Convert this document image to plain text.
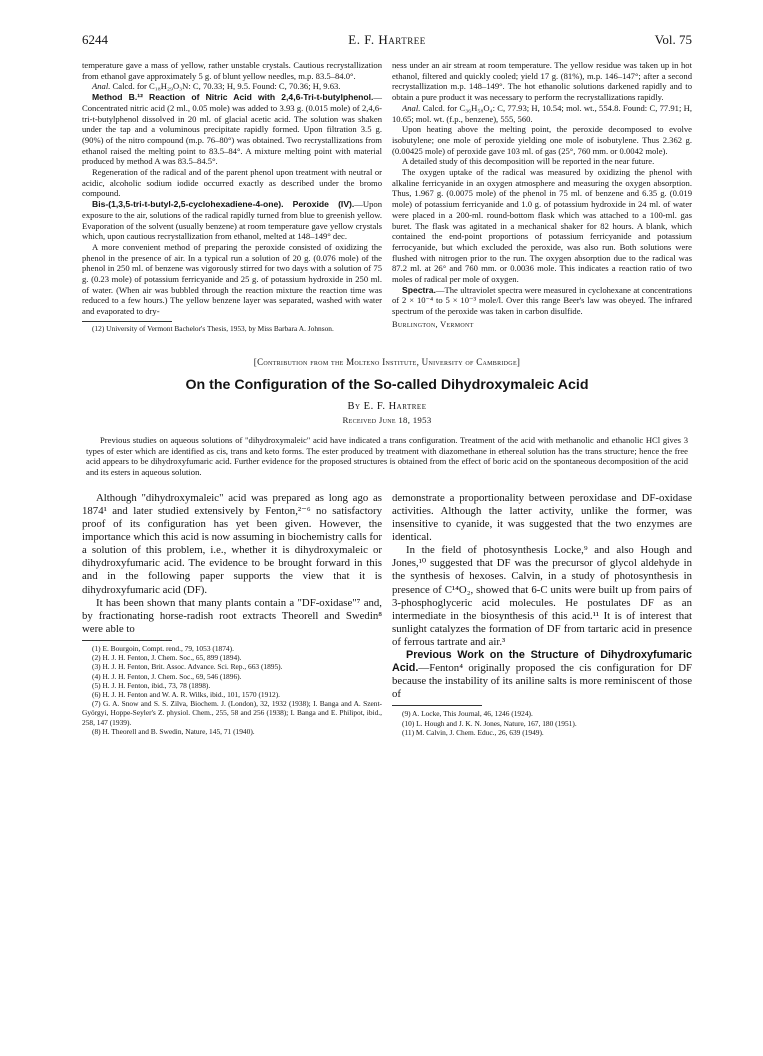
6244	E. F. Hartree	Vol. 75

temperature gave a mass of yellow, rather unstable crystals. Cautious recrystallization from ethanol gave approximately 5 g. of blunt yellow needles, m.p. 83.5–84.0°.

Anal. Calcd. for C₁₈H₂₉O₃N: C, 70.33; H, 9.5. Found: C, 70.36; H, 9.63.

Method B.¹² Reaction of Nitric Acid with 2,4,6-Tri-t-butylphenol.—Concentrated nitric acid (2 ml., 0.05 mole) was added to 3.93 g. (0.015 mole) of 2,4,6-tri-t-butylphenol dissolved in 20 ml. of glacial acetic acid. The solution was shaken under the tap and a voluminous precipitate rapidly formed. Upon filtration 3.5 g. (90%) of the nitro compound (m.p. 76–80°) was obtained. Two recrystallizations from ethanol raised the melting point to 83.5–84°. A mixture melting point with material produced by method A was 83.5–84.5°.

Regeneration of the radical and of the parent phenol upon treatment with neutral or acidic, alcoholic sodium iodide occurred exactly as described under the bromo compound.

Bis-(1,3,5-tri-t-butyl-2,5-cyclohexadiene-4-one). Peroxide (IV).—Upon exposure to the air, solutions of the radical rapidly turned from blue to greenish yellow. Evaporation of the solvent (usually benzene) at room temperature gave yellow crystals which, upon cautious recrystallization from ethanol, melted at 148–149° dec.

A more convenient method of preparing the peroxide consisted of oxidizing the phenol in the presence of air. In a typical run a solution of 20 g. (0.076 mole) of the phenol in 250 ml. of benzene was vigorously stirred for two days with a solution of 75 g. (0.23 mole) of potassium ferricyanide and 25 g. of potassium hydroxide in 250 ml. of water. (When air was bubbled through the reaction mixture the reaction time was reduced to a few hours.) The yellow benzene layer was separated, washed with water and evaporated to dry-

(12) University of Vermont Bachelor's Thesis, 1953, by Miss Barbara A. Johnson.

ness under an air stream at room temperature. The yellow residue was taken up in hot ethanol, filtered and quickly cooled; yield 17 g. (81%), m.p. 146–147°; after a second recrystallization m.p. 148–149°. The hot ethanolic solutions darkened rapidly and to obtain a pure product it was necessary to perform the recrystallizations rapidly.

Anal. Calcd. for C₃₆H₅₈O₄: C, 77.93; H, 10.54; mol. wt., 554.8. Found: C, 77.91; H, 10.65; mol. wt. (f.p., benzene), 555, 560.

Upon heating above the melting point, the peroxide decomposed to evolve isobutylene; one mole of peroxide yielding one mole of isobutylene. Thus 2.362 g. (0.00425 mole) of peroxide gave 103 ml. of gas (25°, 760 mm. or 0.0042 mole).

A detailed study of this decomposition will be reported in the near future.

The oxygen uptake of the radical was measured by oxidizing the phenol with alkaline ferricyanide in an oxygen atmosphere and measuring the oxygen absorption. Thus, 1.967 g. (0.0075 mole) of the phenol in 75 ml. of benzene and 6.35 g. (0.019 mole) of potassium ferricyanide and 1.0 g. of potassium hydroxide in 24 ml. of water were placed in a 200-ml. round-bottom flask which was attached to a 100-ml. gas buret. The flask was agitated in a mechanical shaker for 82 hours. A blank, which contained the end-point proportions of potassium ferricyanide and potassium ferrocyanide, but which excluded the peroxide, was also run. Both solutions were flushed with nitrogen prior to the run. The oxygen absorption due to the radical was 87.2 ml. at 26° and 760 mm. or 0.0036 mole. This indicates a reaction ratio of two moles of radical per mole of oxygen.

Spectra.—The ultraviolet spectra were measured in cyclohexane at concentrations of 2 × 10⁻⁴ to 5 × 10⁻³ mole/l. Over this range Beer's law was obeyed. The infrared spectrum of the peroxide was taken in carbon disulfide.

Burlington, Vermont
[Contribution from the Molteno Institute, University of Cambridge]
On the Configuration of the So-called Dihydroxymaleic Acid
By E. F. Hartree
Received June 18, 1953
Previous studies on aqueous solutions of "dihydroxymaleic" acid have indicated a trans configuration. Treatment of the acid with methanolic and ethanolic HCl gives 3 types of ester which are identified as cis, trans and keto forms. The ester produced by treatment with diazomethane in ethereal solution has the trans structure; hence the free acid appears to be dihydroxyfumaric acid. Further evidence for the proposed structures is obtained from the effect of boric acid on the spontaneous decomposition of the acid and its esters in aqueous solution.

Although "dihydroxymaleic" acid was prepared as long ago as 1874¹ and later studied extensively by Fenton,²⁻⁶ no satisfactory proof of its configuration has yet been given. However, the importance which this acid is now assuming in biochemistry calls for a solution of this problem, i.e., whether it is dihydroxymaleic or dihydroxyfumaric acid. The evidence to be brought forward in this and in the following paper supports the view that it is dihydroxyfumaric acid (DF).

It has been shown that many plants contain a "DF-oxidase"⁷ and, by fractionating horse-radish root extracts Theorell and Swedin⁸ were able to

(1) E. Bourgoin, Compt. rend., 79, 1053 (1874).
(2) H. J. H. Fenton, J. Chem. Soc., 65, 899 (1894).
(3) H. J. H. Fenton, Brit. Assoc. Advance. Sci. Rep., 663 (1895).
(4) H. J. H. Fenton, J. Chem. Soc., 69, 546 (1896).
(5) H. J. H. Fenton, ibid., 73, 78 (1898).
(6) H. J. H. Fenton and W. A. R. Wilks, ibid., 101, 1570 (1912).
(7) G. A. Snow and S. S. Zilva, Biochem. J. (London), 32, 1932 (1938); I. Banga and A. Szent-Györgyi, Hoppe-Seyler's Z. physiol. Chem., 255, 58 and 256 (1938); I. Banga and E. Philipot, ibid., 258, 147 (1939).
(8) H. Theorell and B. Swedin, Nature, 145, 71 (1940).

demonstrate a proportionality between peroxidase and DF-oxidase activities. Although the latter activity, unlike the former, was insensitive to cyanide, it was suggested that the two enzymes are identical.

In the field of photosynthesis Locke,⁹ and also Hough and Jones,¹⁰ suggested that DF was the precursor of glycol aldehyde in the synthesis of hexoses. Calvin, in a study of photosynthesis in presence of C¹⁴O₂, showed that 6-C units were built up from pairs of 3-phosphoglyceric acid molecules. He postulates DF as an intermediate in the biosynthesis of this acid.¹¹ It is of interest that sunlight catalyzes the formation of DF from tartaric acid in presence of ferrous tartrate and air.³

Previous Work on the Structure of Dihydroxyfumaric Acid.—Fenton⁴ originally proposed the cis configuration for DF because the instability of its aniline salts is more reminiscent of those of

(9) A. Locke, This Journal, 46, 1246 (1924).
(10) L. Hough and J. K. N. Jones, Nature, 167, 180 (1951).
(11) M. Calvin, J. Chem. Educ., 26, 639 (1949).
